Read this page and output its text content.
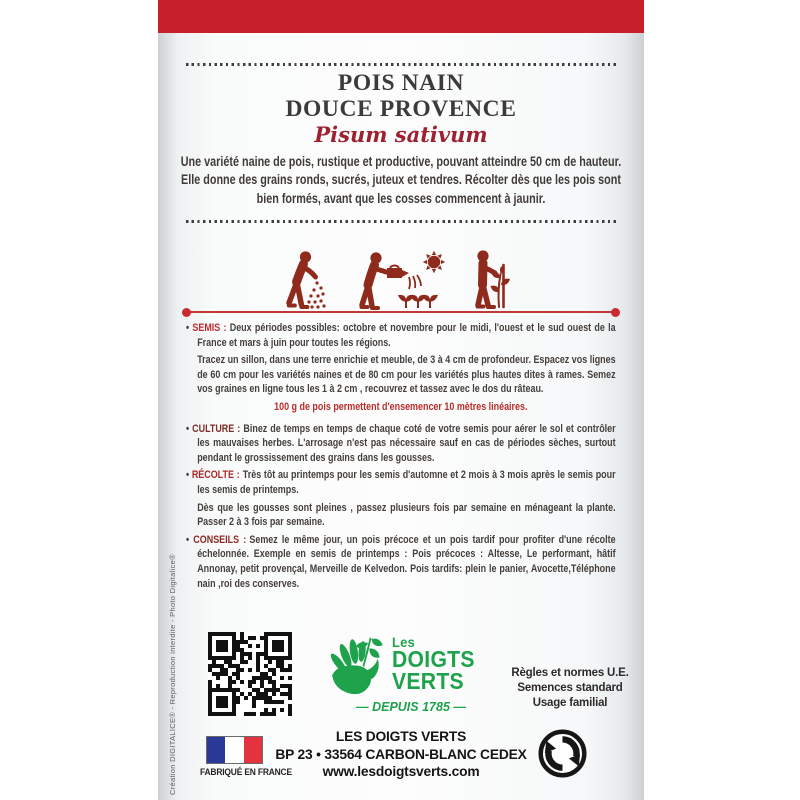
POIS NAIN
DOUCE PROVENCE
Pisum sativum
Une variété naine de pois, rustique et productive, pouvant atteindre 50 cm de hauteur. Elle donne des grains ronds, sucrés, juteux et tendres. Récolter dès que les pois sont bien formés, avant que les cosses commencent à jaunir.

• SEMIS : Deux périodes possibles: octobre et novembre pour le midi, l'ouest et le sud ouest de la France et mars à juin pour toutes les régions.

Tracez un sillon, dans une terre enrichie et meuble, de 3 à 4 cm de profondeur. Espacez vos lignes de 60 cm pour les variétés naines et de 80 cm pour les variétés plus hautes dites à rames. Semez vos graines en ligne tous les 1 à 2 cm , recouvrez et tassez avec le dos du râteau.

100 g de pois permettent d'ensemencer 10 mètres linéaires.

• CULTURE : Binez de temps en temps de chaque coté de votre semis pour aérer le sol et contrôler les mauvaises herbes. L'arrosage n'est pas nécessaire sauf en cas de périodes sèches, surtout pendant le grossissement des grains dans les gousses.

• RÉCOLTE : Très tôt au printemps pour les semis d'automne et 2 mois à 3 mois après le semis pour les semis de printemps.

Dès que les gousses sont pleines , passez plusieurs fois par semaine en ménageant la plante. Passer 2 à 3 fois par semaine.

• CONSEILS : Semez le même jour, un pois précoce et un pois tardif pour profiter d'une récolte échelonnée. Exemple en semis de printemps : Pois précoces : Altesse, Le performant, hâtif Annonay, petit provençal, Merveille de Kelvedon. Pois tardifs: plein le panier, Avocette,Téléphone nain ,roi des conserves.

Les
DOIGTS
VERTS
— DEPUIS 1785 —
Règles et normes U.E.
Semences standard
Usage familial
LES DOIGTS VERTS
BP 23 • 33564 CARBON-BLANC CEDEX
www.lesdoigtsverts.com
FABRIQUÉ EN FRANCE
Création DIGITALICE® - Reproduction interdite - Photo Digitalice®
